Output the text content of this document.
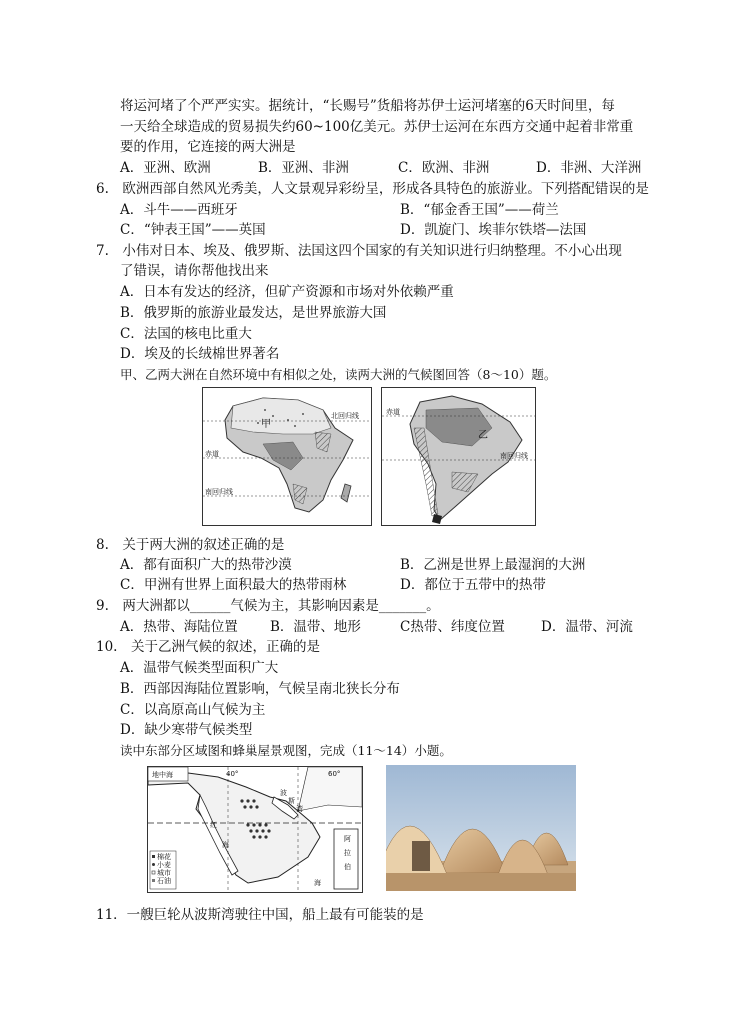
将运河堵了个严严实实。据统计，“长赐号”货船将苏伊士运河堵塞的6天时间里，每
一天给全球造成的贸易损失约60~100亿美元。苏伊士运河在东西方交通中起着非常重
要的作用，它连接的两大洲是
A．亚洲、欧洲	B．亚洲、非洲	C．欧洲、非洲	D．非洲、大洋洲
6.　欧洲西部自然风光秀美，人文景观异彩纷呈，形成各具特色的旅游业。下列搭配错误的是
A．斗牛——西班牙	B．“郁金香王国”——荷兰
C．“钟表王国”——英国	D．凯旋门、埃菲尔铁塔—法国
7.　小伟对日本、埃及、俄罗斯、法国这四个国家的有关知识进行归纳整理。不小心出现
了错误，请你帮他找出来
A．日本有发达的经济，但矿产资源和市场对外依赖严重
B．俄罗斯的旅游业最发达，是世界旅游大国
C．法国的核电比重大
D．埃及的长绒棉世界著名
甲、乙两大洲在自然环境中有相似之处，读两大洲的气候图回答（8～10）题。
甲
北回归线
赤道
南回归线
乙
赤道
南回归线
8.　关于两大洲的叙述正确的是
A．都有面积广大的热带沙漠	B．乙洲是世界上最湿润的大洲
C．甲洲有世界上面积最大的热带雨林	D．都位于五带中的热带
9.　两大洲都以______气候为主，其影响因素是_______。
A．热带、海陆位置 B．温带、地形	C热带、纬度位置	D．温带、河流
10.　关于乙洲气候的叙述，正确的是
A．温带气候类型面积广大
B．西部因海陆位置影响，气候呈南北狭长分布
C．以高原高山气候为主
D．缺少寒带气候类型
读中东部分区域图和蜂巢屋景观图，完成（11～14）小题。
地中海	40°	60°
波
斯
湾
红
海
阿
拉
伯
海
棉花
小麦
城市
石油
11．一艘巨轮从波斯湾驶往中国，船上最有可能装的是
